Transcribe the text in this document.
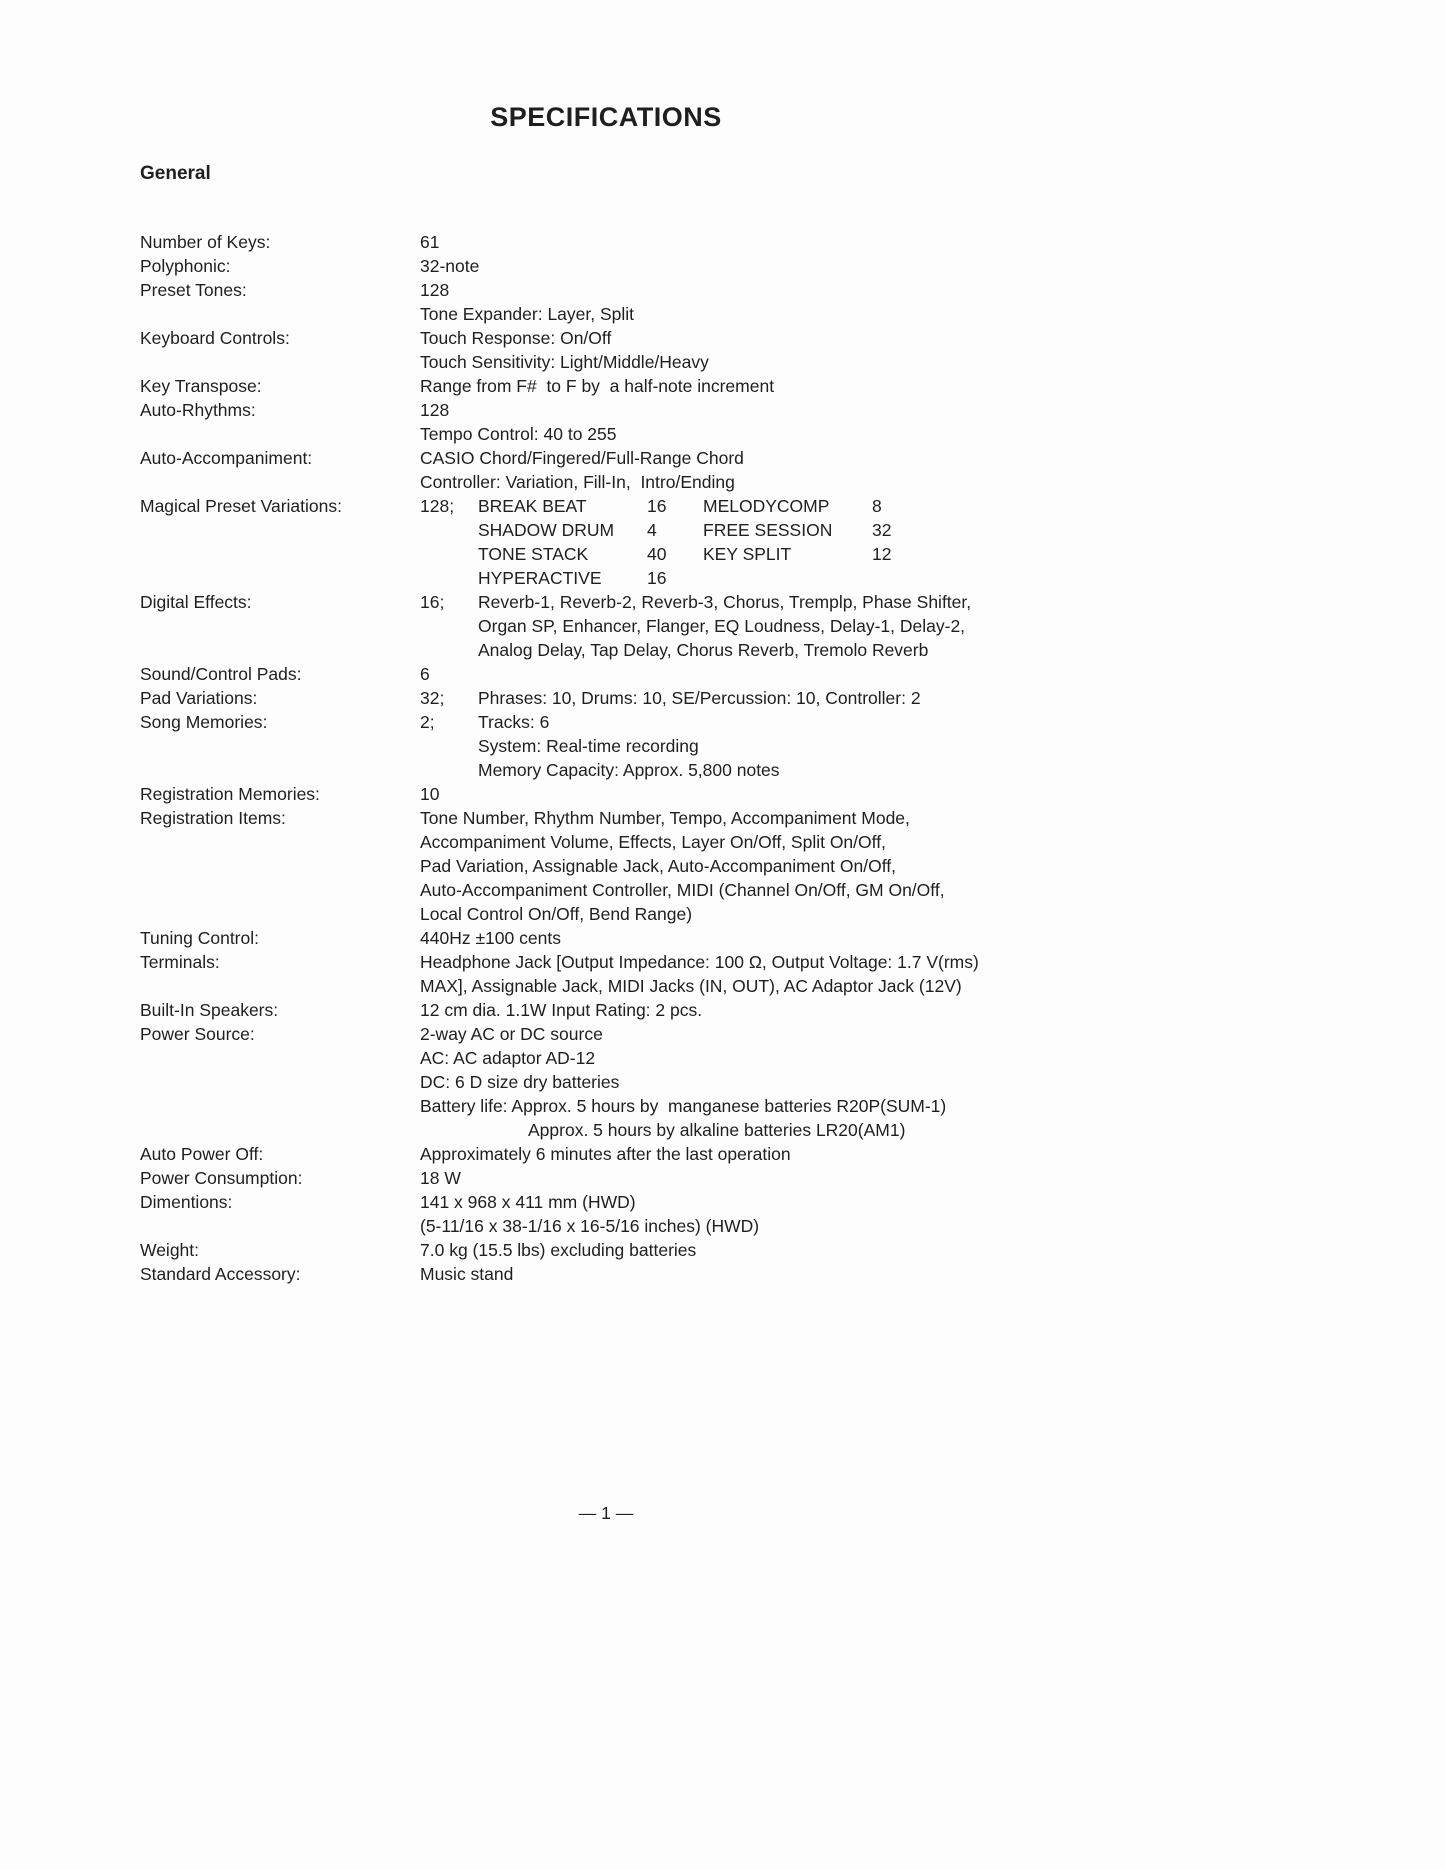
SPECIFICATIONS
General
Number of Keys:	61
Polyphonic:	32-note
Preset Tones:	128
Tone Expander: Layer, Split
Keyboard Controls:	Touch Response: On/Off
Touch Sensitivity: Light/Middle/Heavy
Key Transpose:	Range from F#  to F by  a half-note increment
Auto-Rhythms:	128
Tempo Control: 40 to 255
Auto-Accompaniment:	CASIO Chord/Fingered/Full-Range Chord
Controller: Variation, Fill-In,  Intro/Ending
Magical Preset Variations:	128;	BREAK BEAT	16	MELODYCOMP	8
SHADOW DRUM	4	FREE SESSION	32
TONE STACK	40	KEY SPLIT	12
HYPERACTIVE	16
Digital Effects:	16;	Reverb-1, Reverb-2, Reverb-3, Chorus, Tremplp, Phase Shifter,
Organ SP, Enhancer, Flanger, EQ Loudness, Delay-1, Delay-2,
Analog Delay, Tap Delay, Chorus Reverb, Tremolo Reverb
Sound/Control Pads:	6
Pad Variations:	32;	Phrases: 10, Drums: 10, SE/Percussion: 10, Controller: 2
Song Memories:	2;	Tracks: 6
System: Real-time recording
Memory Capacity: Approx. 5,800 notes
Registration Memories:	10
Registration Items:	Tone Number, Rhythm Number, Tempo, Accompaniment Mode,
Accompaniment Volume, Effects, Layer On/Off, Split On/Off,
Pad Variation, Assignable Jack, Auto-Accompaniment On/Off,
Auto-Accompaniment Controller, MIDI (Channel On/Off, GM On/Off,
Local Control On/Off, Bend Range)
Tuning Control:	440Hz ±100 cents
Terminals:	Headphone Jack [Output Impedance: 100 Ω, Output Voltage: 1.7 V(rms)
MAX], Assignable Jack, MIDI Jacks (IN, OUT), AC Adaptor Jack (12V)
Built-In Speakers:	12 cm dia. 1.1W Input Rating: 2 pcs.
Power Source:	2-way AC or DC source
AC: AC adaptor AD-12
DC: 6 D size dry batteries
Battery life: Approx. 5 hours by  manganese batteries R20P(SUM-1)
Approx. 5 hours by alkaline batteries LR20(AM1)
Auto Power Off:	Approximately 6 minutes after the last operation
Power Consumption:	18 W
Dimentions:	141 x 968 x 411 mm (HWD)
(5-11/16 x 38-1/16 x 16-5/16 inches) (HWD)
Weight:	7.0 kg (15.5 lbs) excluding batteries
Standard Accessory:	Music stand
— 1 —
